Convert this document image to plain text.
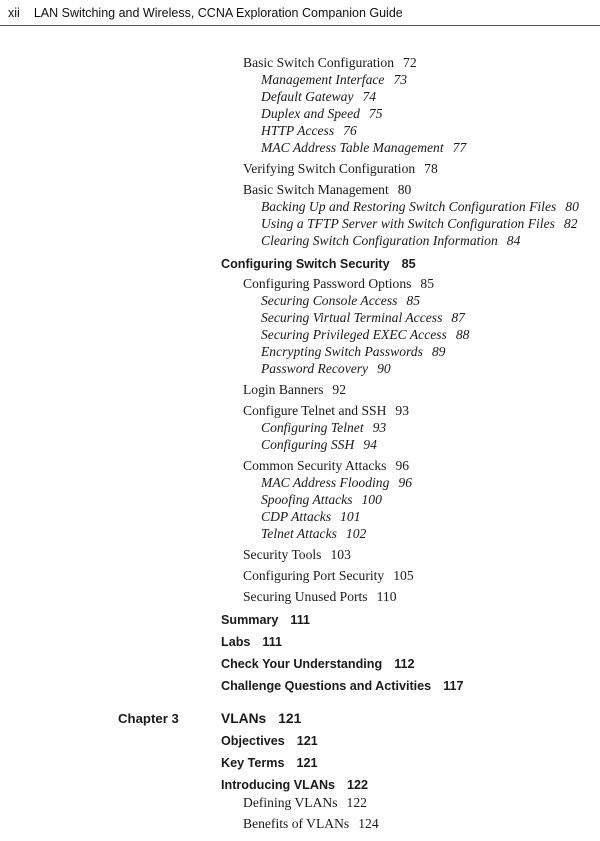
xii LAN Switching and Wireless, CCNA Exploration Companion Guide
Basic Switch Configuration 72
Management Interface 73
Default Gateway 74
Duplex and Speed 75
HTTP Access 76
MAC Address Table Management 77
Verifying Switch Configuration 78
Basic Switch Management 80
Backing Up and Restoring Switch Configuration Files 80
Using a TFTP Server with Switch Configuration Files 82
Clearing Switch Configuration Information 84
Configuring Switch Security 85
Configuring Password Options 85
Securing Console Access 85
Securing Virtual Terminal Access 87
Securing Privileged EXEC Access 88
Encrypting Switch Passwords 89
Password Recovery 90
Login Banners 92
Configure Telnet and SSH 93
Configuring Telnet 93
Configuring SSH 94
Common Security Attacks 96
MAC Address Flooding 96
Spoofing Attacks 100
CDP Attacks 101
Telnet Attacks 102
Security Tools 103
Configuring Port Security 105
Securing Unused Ports 110
Summary 111
Labs 111
Check Your Understanding 112
Challenge Questions and Activities 117
Chapter 3	VLANs 121
Objectives 121
Key Terms 121
Introducing VLANs 122
Defining VLANs 122
Benefits of VLANs 124
